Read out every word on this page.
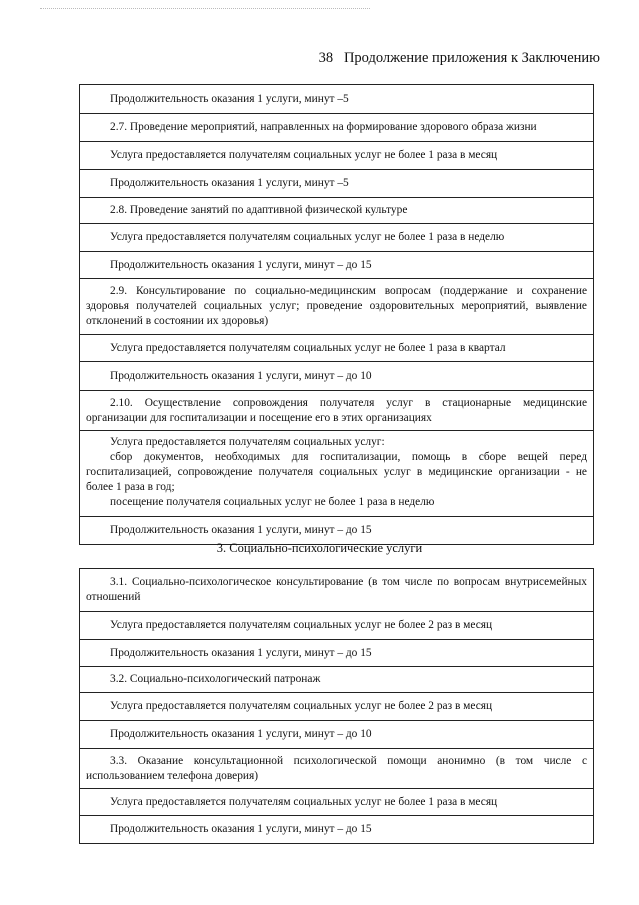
38 Продолжение приложения к Заключению
Продолжительность оказания 1 услуги, минут –5
2.7. Проведение мероприятий, направленных на формирование здорового образа жизни
Услуга предоставляется получателям социальных услуг не более 1 раза в месяц
Продолжительность оказания 1 услуги, минут –5
2.8. Проведение занятий по адаптивной физической культуре
Услуга предоставляется получателям социальных услуг не более 1 раза в неделю
Продолжительность оказания 1 услуги, минут – до 15
2.9. Консультирование по социально-медицинским вопросам (поддержание и сохранение здоровья получателей социальных услуг; проведение оздоровительных мероприятий, выявление отклонений в состоянии их здоровья)
Услуга предоставляется получателям социальных услуг не более 1 раза в квартал
Продолжительность оказания 1 услуги, минут – до 10
2.10. Осуществление сопровождения получателя услуг в стационарные медицинские организации для госпитализации и посещение его в этих организациях
Услуга предоставляется получателям социальных услуг:
сбор документов, необходимых для госпитализации, помощь в сборе вещей перед госпитализацией, сопровождение получателя социальных услуг в медицинские организации - не более 1 раза в год;
посещение получателя социальных услуг не более 1 раза в неделю
Продолжительность оказания 1 услуги, минут – до 15
3. Социально-психологические услуги
3.1. Социально-психологическое консультирование (в том числе по вопросам внутрисемейных отношений
Услуга предоставляется получателям социальных услуг не более 2 раз в месяц
Продолжительность оказания 1 услуги, минут – до 15
3.2. Социально-психологический патронаж
Услуга предоставляется получателям социальных услуг не более 2 раз в месяц
Продолжительность оказания 1 услуги, минут – до 10
3.3. Оказание консультационной психологической помощи анонимно (в том числе с использованием телефона доверия)
Услуга предоставляется получателям социальных услуг не более 1 раза в месяц
Продолжительность оказания 1 услуги, минут – до 15
